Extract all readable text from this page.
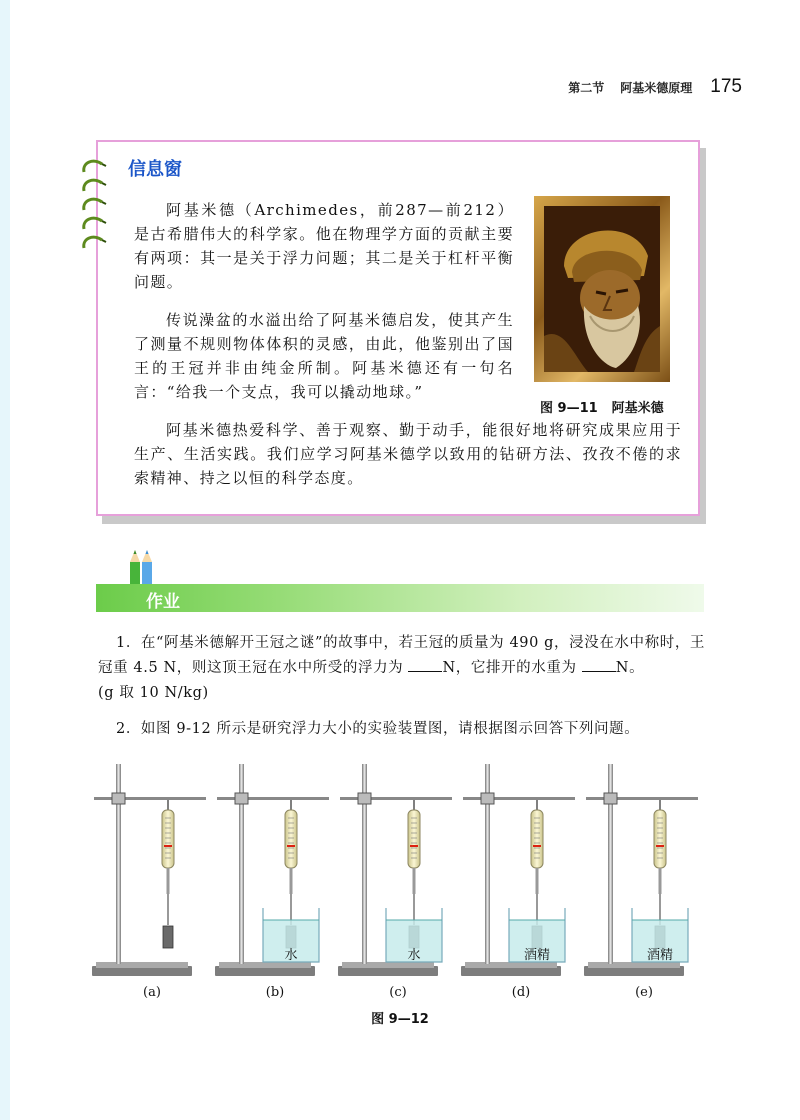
第二节 阿基米德原理 175
信息窗

阿基米德（Archimedes，前287—前212）是古希腊伟大的科学家。他在物理学方面的贡献主要有两项：其一是关于浮力问题；其二是关于杠杆平衡问题。

传说澡盆的水溢出给了阿基米德启发，使其产生了测量不规则物体体积的灵感，由此，他鉴别出了国王的王冠并非由纯金所制。阿基米德还有一句名言：“给我一个支点，我可以撬动地球。”

阿基米德热爱科学、善于观察、勤于动手，能很好地将研究成果应用于生产、生活实践。我们应学习阿基米德学以致用的钻研方法、孜孜不倦的求索精神、持之以恒的科学态度。

图 9—11 阿基米德
作业

1．在“阿基米德解开王冠之谜”的故事中，若王冠的质量为 490 g，浸没在水中称时，王冠重 4.5 N，则这顶王冠在水中所受的浮力为	N，它排开的水重为	N。
(g 取 10 N/kg)

2．如图 9-12 所示是研究浮力大小的实验装置图，请根据图示回答下列问题。

水	水	酒精	酒精
(a)	(b)	(c)	(d)	(e)
图 9—12
